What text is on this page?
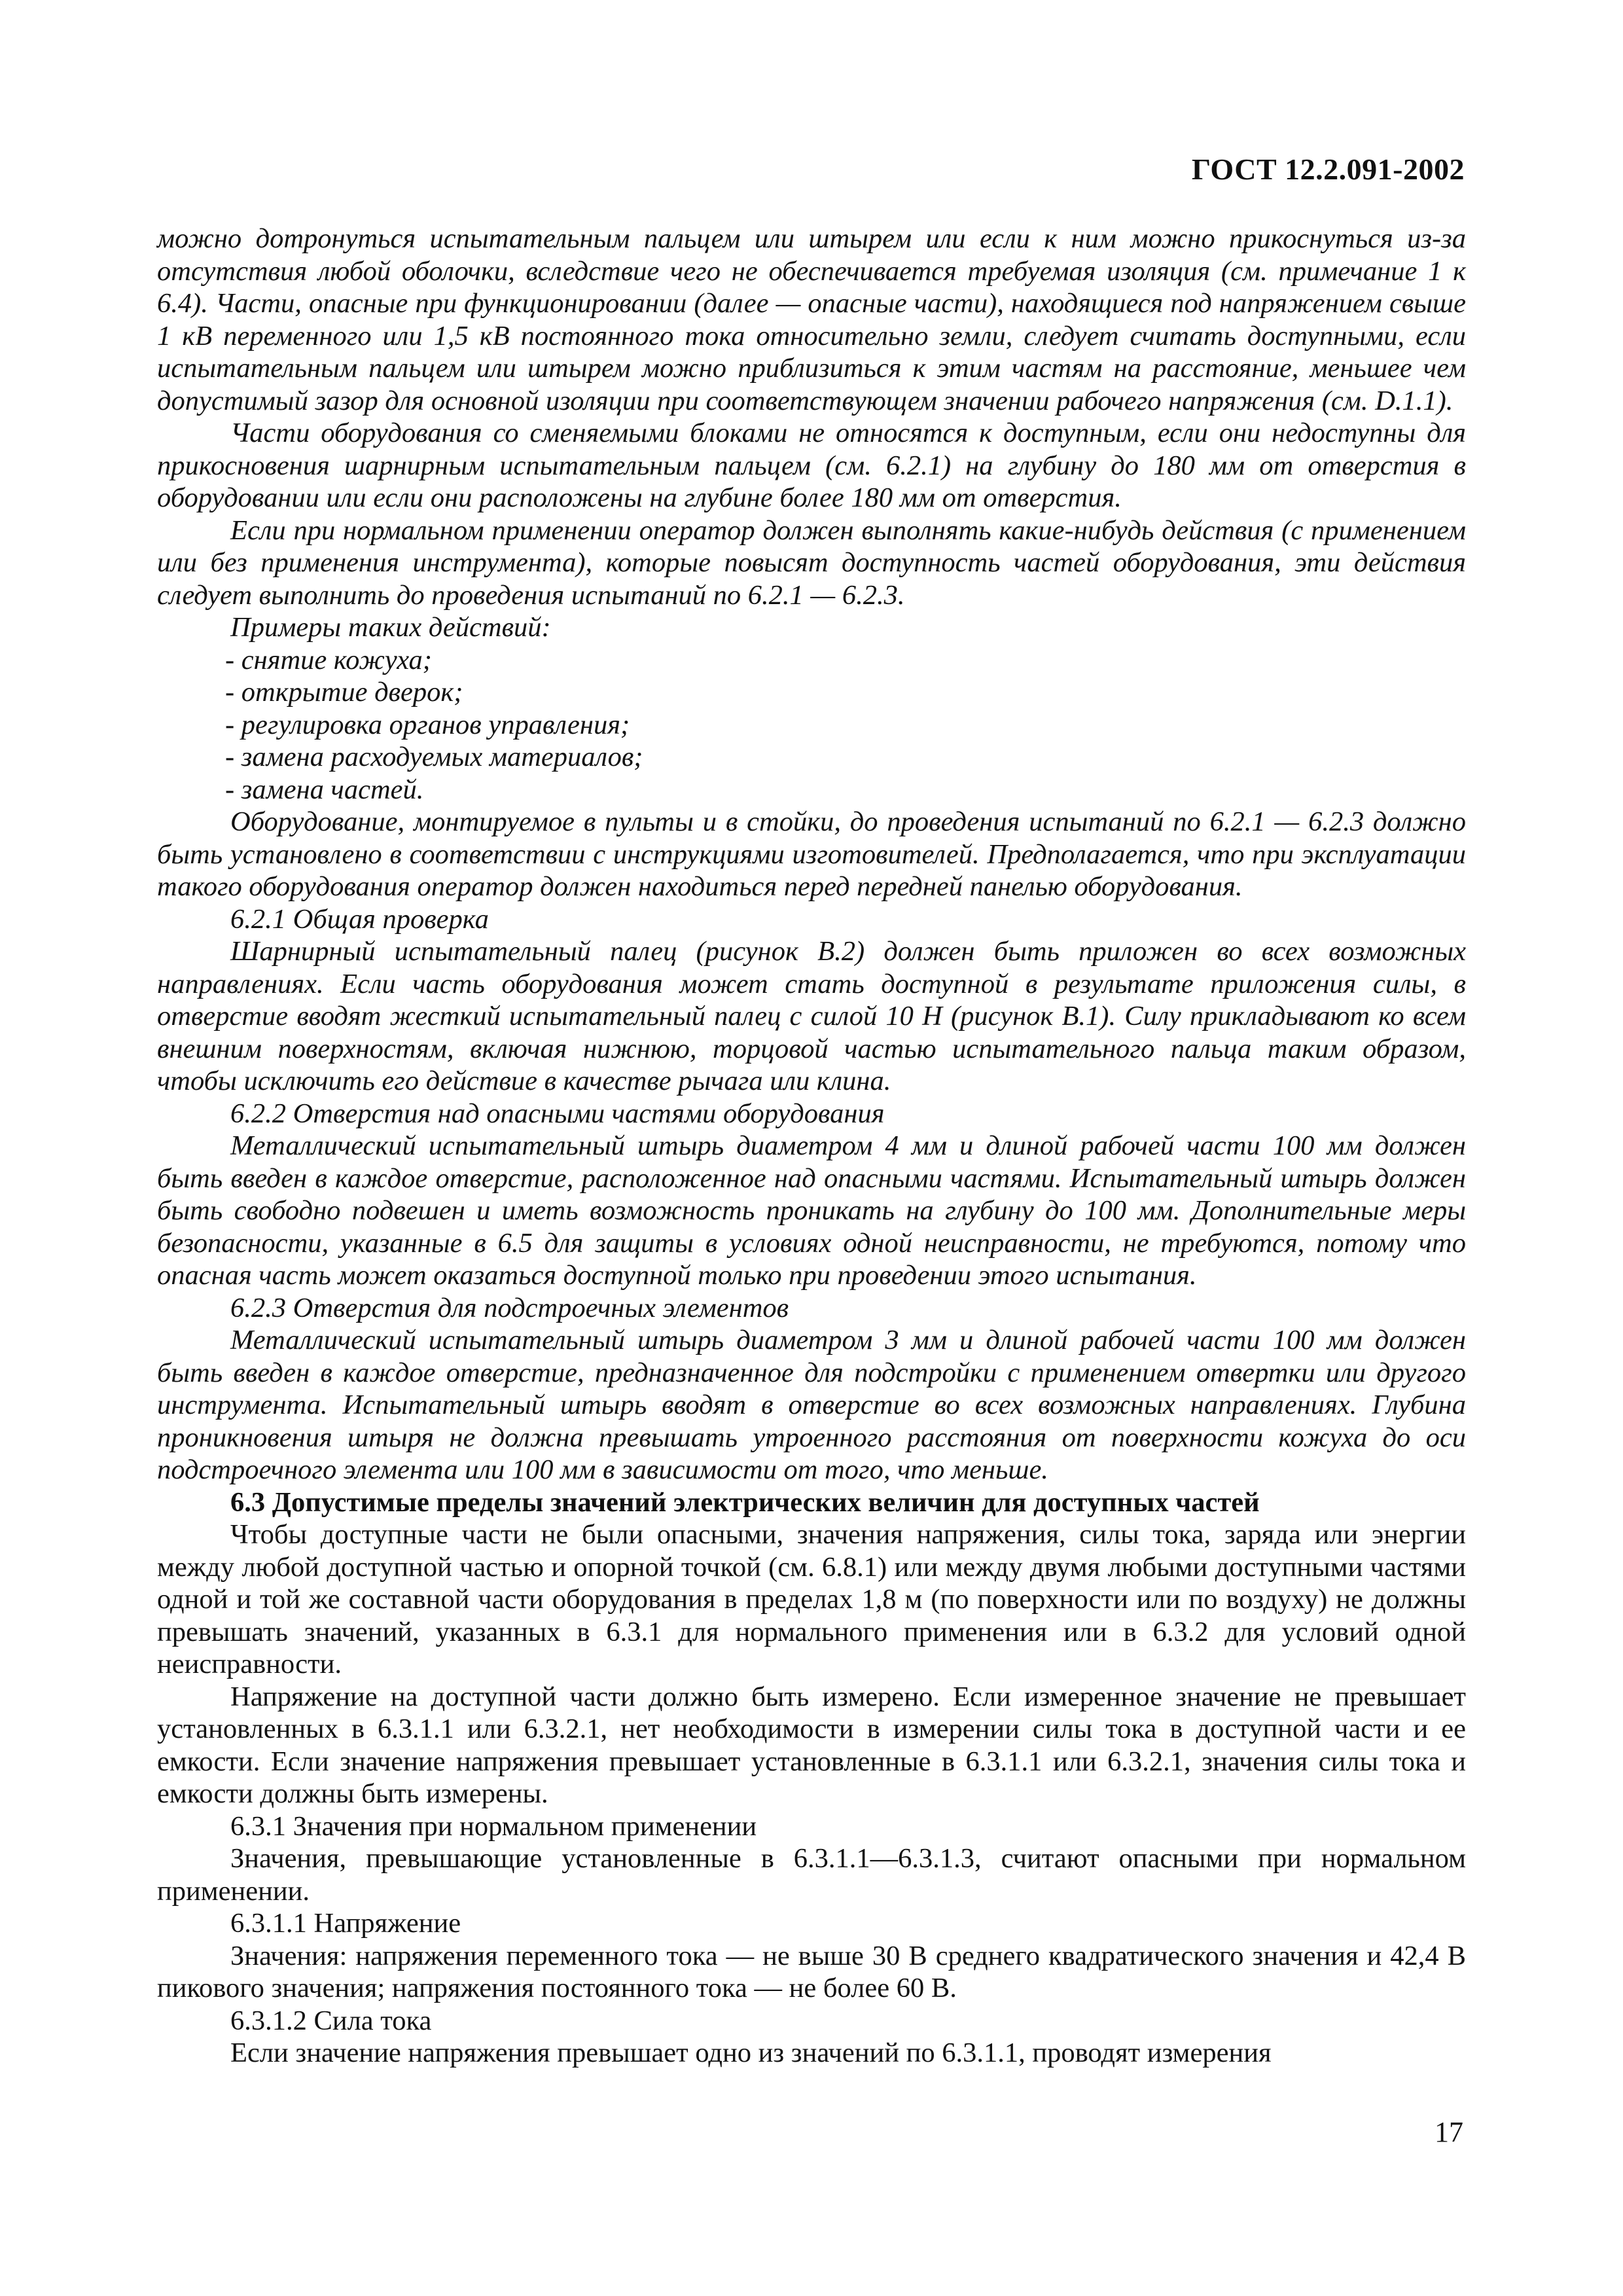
ГОСТ 12.2.091-2002

можно дотронуться испытательным пальцем или штырем или если к ним можно прикоснуться из-за отсутствия любой оболочки, вследствие чего не обеспечивается требуемая изоляция (см. примечание 1 к 6.4). Части, опасные при функционировании (далее — опасные части), находящиеся под напряжением свыше 1 кВ переменного или 1,5 кВ постоянного тока относительно земли, следует считать доступными, если испытательным пальцем или штырем можно приблизиться к этим частям на расстояние, меньшее чем допустимый зазор для основной изоляции при соответствующем значении рабочего напряжения (см. D.1.1).

Части оборудования со сменяемыми блоками не относятся к доступным, если они недоступны для прикосновения шарнирным испытательным пальцем (см. 6.2.1) на глубину до 180 мм от отверстия в оборудовании или если они расположены на глубине более 180 мм от отверстия.

Если при нормальном применении оператор должен выполнять какие-нибудь действия (с применением или без применения инструмента), которые повысят доступность частей оборудования, эти действия следует выполнить до проведения испытаний по 6.2.1 — 6.2.3.

Примеры таких действий:

- снятие кожуха;

- открытие дверок;

- регулировка органов управления;

- замена расходуемых материалов;

- замена частей.

Оборудование, монтируемое в пульты и в стойки, до проведения испытаний по 6.2.1 — 6.2.3 должно быть установлено в соответствии с инструкциями изготовителей. Предполагается, что при эксплуатации такого оборудования оператор должен находиться перед передней панелью оборудования.

6.2.1 Общая проверка

Шарнирный испытательный палец (рисунок В.2) должен быть приложен во всех возможных направлениях. Если часть оборудования может стать доступной в результате приложения силы, в отверстие вводят жесткий испытательный палец с силой 10 Н (рисунок В.1). Силу прикладывают ко всем внешним поверхностям, включая нижнюю, торцовой частью испытательного пальца таким образом, чтобы исключить его действие в качестве рычага или клина.

6.2.2 Отверстия над опасными частями оборудования

Металлический испытательный штырь диаметром 4 мм и длиной рабочей части 100 мм должен быть введен в каждое отверстие, расположенное над опасными частями. Испытательный штырь должен быть свободно подвешен и иметь возможность проникать на глубину до 100 мм. Дополнительные меры безопасности, указанные в 6.5 для защиты в условиях одной неисправности, не требуются, потому что опасная часть может оказаться доступной только при проведении этого испытания.

6.2.3 Отверстия для подстроечных элементов

Металлический испытательный штырь диаметром 3 мм и длиной рабочей части 100 мм должен быть введен в каждое отверстие, предназначенное для подстройки с применением отвертки или другого инструмента. Испытательный штырь вводят в отверстие во всех возможных направлениях. Глубина проникновения штыря не должна превышать утроенного расстояния от поверхности кожуха до оси подстроечного элемента или 100 мм в зависимости от того, что меньше.

6.3 Допустимые пределы значений электрических величин для доступных частей

Чтобы доступные части не были опасными, значения напряжения, силы тока, заряда или энергии между любой доступной частью и опорной точкой (см. 6.8.1) или между двумя любыми доступными частями одной и той же составной части оборудования в пределах 1,8 м (по поверхности или по воздуху) не должны превышать значений, указанных в 6.3.1 для нормального применения или в 6.3.2 для условий одной неисправности.

Напряжение на доступной части должно быть измерено. Если измеренное значение не превышает установленных в 6.3.1.1 или 6.3.2.1, нет необходимости в измерении силы тока в доступной части и ее емкости. Если значение напряжения превышает установленные в 6.3.1.1 или 6.3.2.1, значения силы тока и емкости должны быть измерены.

6.3.1 Значения при нормальном применении

Значения, превышающие установленные в 6.3.1.1—6.3.1.3, считают опасными при нормальном применении.

6.3.1.1 Напряжение

Значения: напряжения переменного тока — не выше 30 В среднего квадратического значения и 42,4 В пикового значения; напряжения постоянного тока — не более 60 В.

6.3.1.2 Сила тока

Если значение напряжения превышает одно из значений по 6.3.1.1, проводят измерения

17
